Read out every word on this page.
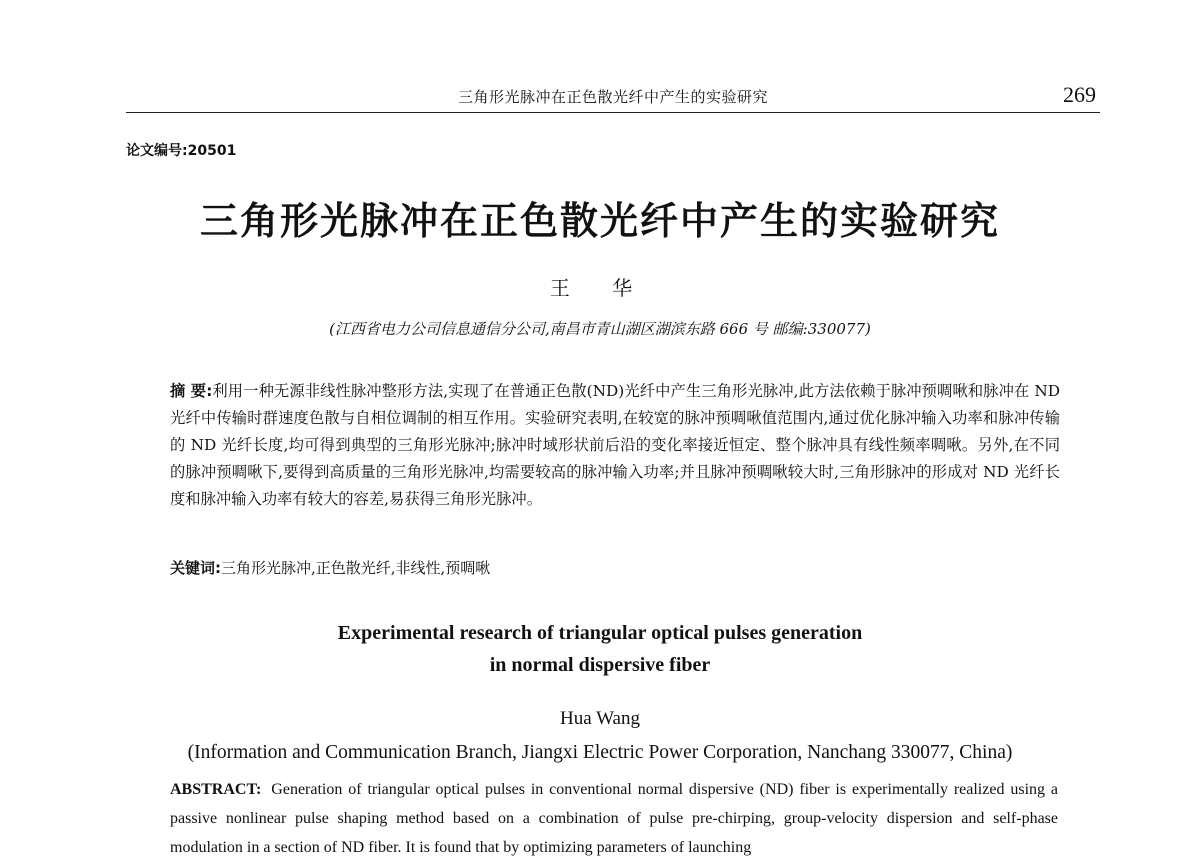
三角形光脉冲在正色散光纤中产生的实验研究	269
论文编号:20501
三角形光脉冲在正色散光纤中产生的实验研究
王 华
(江西省电力公司信息通信分公司,南昌市青山湖区湖滨东路 666 号 邮编:330077)
摘 要:利用一种无源非线性脉冲整形方法,实现了在普通正色散(ND)光纤中产生三角形光脉冲,此方法依赖于脉冲预啁啾和脉冲在 ND 光纤中传输时群速度色散与自相位调制的相互作用。实验研究表明,在较宽的脉冲预啁啾值范围内,通过优化脉冲输入功率和脉冲传输的 ND 光纤长度,均可得到典型的三角形光脉冲;脉冲时域形状前后沿的变化率接近恒定、整个脉冲具有线性频率啁啾。另外,在不同的脉冲预啁啾下,要得到高质量的三角形光脉冲,均需要较高的脉冲输入功率;并且脉冲预啁啾较大时,三角形脉冲的形成对 ND 光纤长度和脉冲输入功率有较大的容差,易获得三角形光脉冲。
关键词:三角形光脉冲,正色散光纤,非线性,预啁啾
Experimental research of triangular optical pulses generation
in normal dispersive fiber
Hua Wang
(Information and Communication Branch, Jiangxi Electric Power Corporation, Nanchang 330077, China)
ABSTRACT: Generation of triangular optical pulses in conventional normal dispersive (ND) fiber is experimentally realized using a passive nonlinear pulse shaping method based on a combination of pulse pre-chirping, group-velocity dispersion and self-phase modulation in a section of ND fiber. It is found that by optimizing parameters of launching
